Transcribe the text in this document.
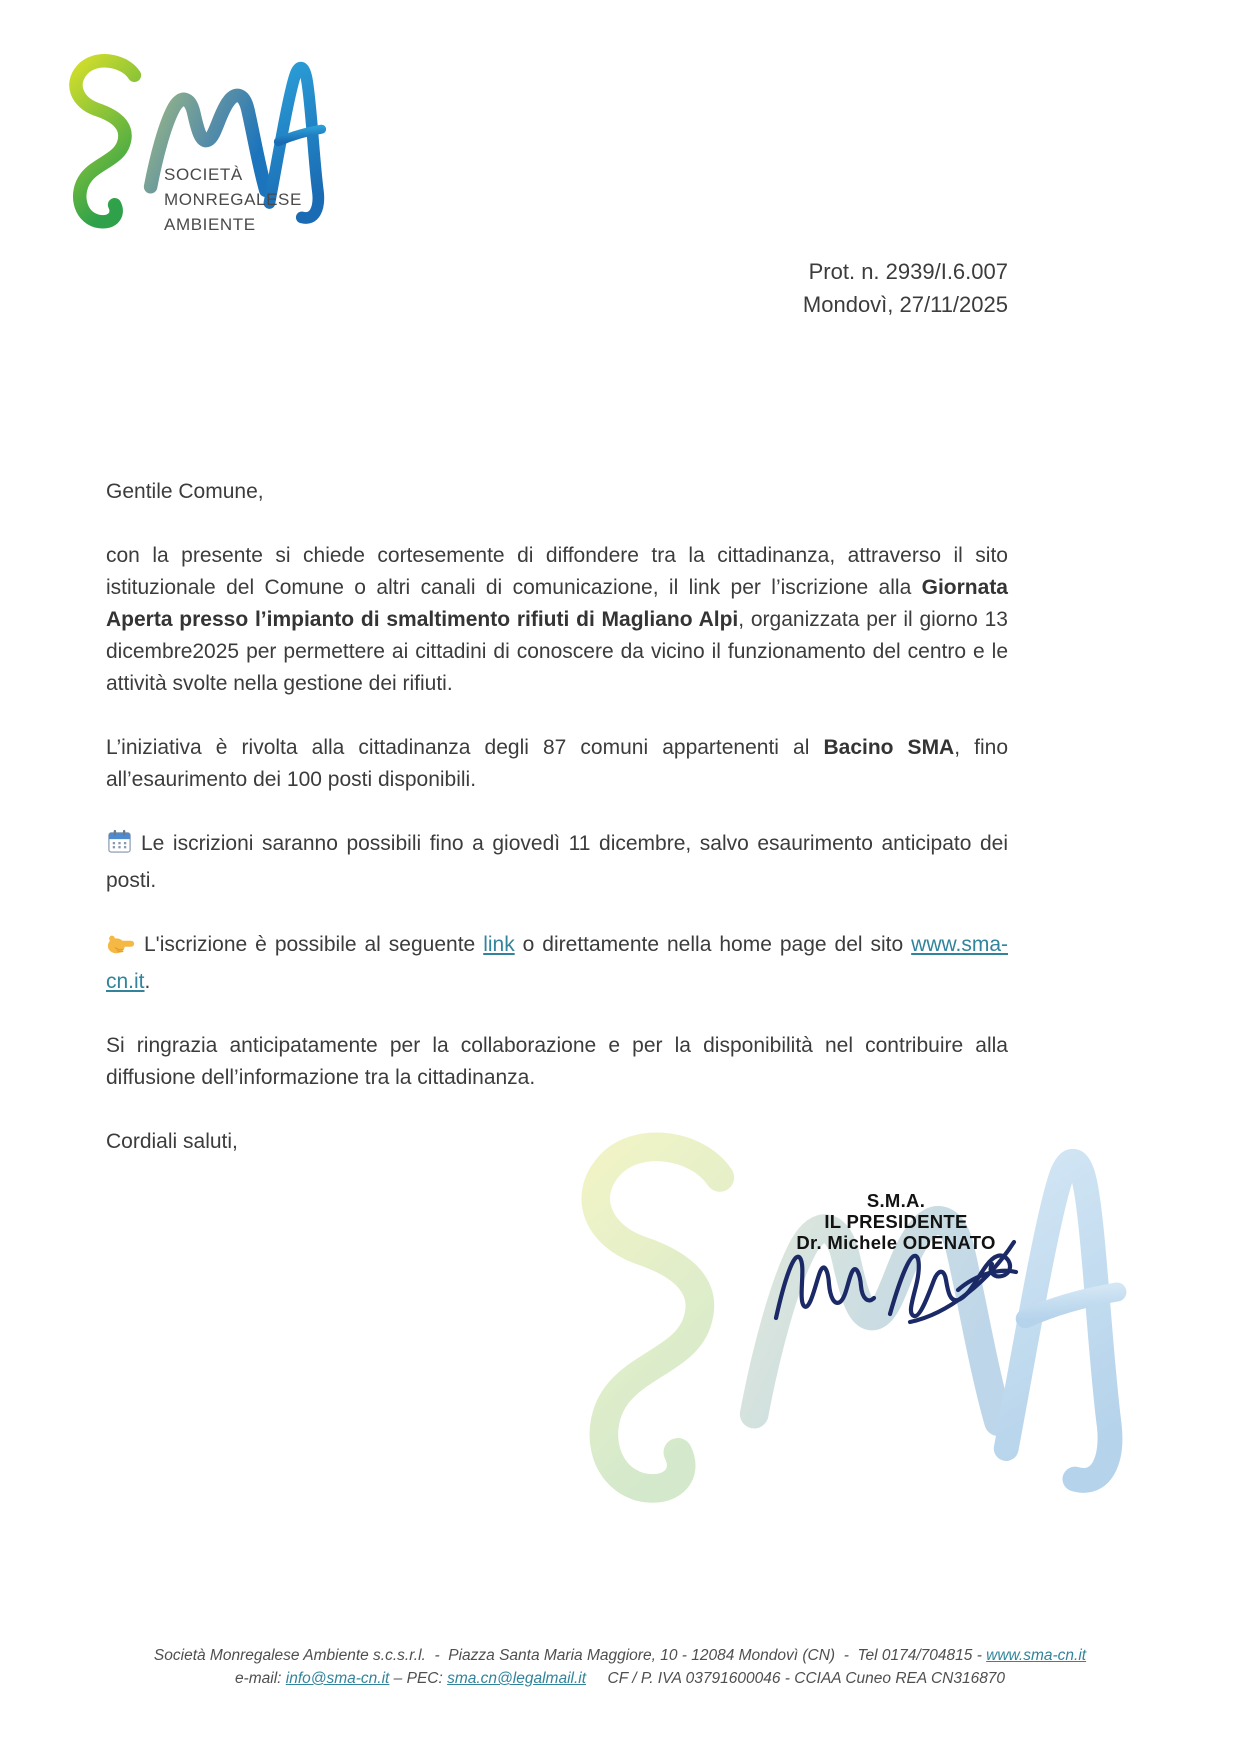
SOCIETÀ
MONREGALESE
AMBIENTE
Prot. n. 2939/I.6.007
Mondovì, 27/11/2025

Gentile Comune,

con la presente si chiede cortesemente di diffondere tra la cittadinanza, attraverso il sito istituzionale del Comune o altri canali di comunicazione, il link per l’iscrizione alla Giornata Aperta presso l’impianto di smaltimento rifiuti di Magliano Alpi, organizzata per il giorno 13 dicembre2025 per permettere ai cittadini di conoscere da vicino il funzionamento del centro e le attività svolte nella gestione dei rifiuti.

L’iniziativa è rivolta alla cittadinanza degli 87 comuni appartenenti al Bacino SMA, fino all’esaurimento dei 100 posti disponibili.

Le iscrizioni saranno possibili fino a giovedì 11 dicembre, salvo esaurimento anticipato dei posti.

L'iscrizione è possibile al seguente link o direttamente nella home page del sito www.sma-cn.it.

Si ringrazia anticipatamente per la collaborazione e per la disponibilità nel contribuire alla diffusione dell’informazione tra la cittadinanza.

Cordiali saluti,

S.M.A.
IL PRESIDENTE
Dr. Michele ODENATO
Società Monregalese Ambiente s.c.s.r.l.  -  Piazza Santa Maria Maggiore, 10 - 12084 Mondovì (CN)  -  Tel 0174/704815 - www.sma-cn.it
e-mail: info@sma-cn.it – PEC: sma.cn@legalmail.it     CF / P. IVA 03791600046 - CCIAA Cuneo REA CN316870
